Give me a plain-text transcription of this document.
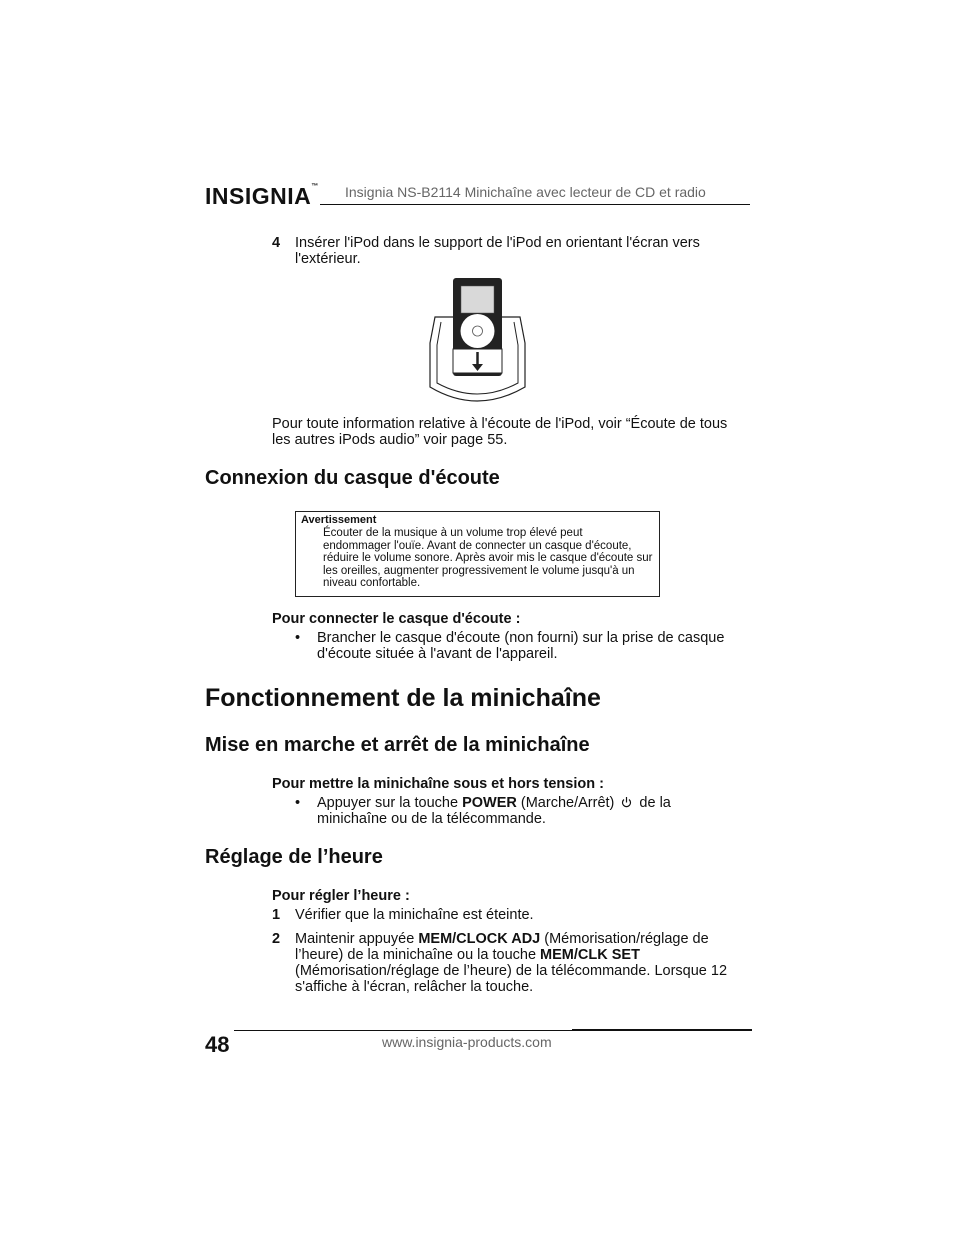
INSIGNIA™ Insignia NS-B2114 Minichaîne avec lecteur de CD et radio
4 Insérer l'iPod dans le support de l'iPod en orientant l'écran vers l'extérieur.
Pour toute information relative à l'écoute de l'iPod, voir “Écoute de tous les autres iPods audio” voir page 55.
Connexion du casque d'écoute
Avertissement
Écouter de la musique à un volume trop élevé peut endommager l'ouïe. Avant de connecter un casque d'écoute, réduire le volume sonore. Après avoir mis le casque d'écoute sur les oreilles, augmenter progressivement le volume jusqu'à un niveau confortable.
Pour connecter le casque d'écoute :
• Brancher le casque d'écoute (non fourni) sur la prise de casque d'écoute située à l'avant de l'appareil.
Fonctionnement de la minichaîne
Mise en marche et arrêt de la minichaîne
Pour mettre la minichaîne sous et hors tension :
• Appuyer sur la touche POWER (Marche/Arrêt)  de la minichaîne ou de la télécommande.
Réglage de l’heure
Pour régler l’heure :
1 Vérifier que la minichaîne est éteinte.
2 Maintenir appuyée MEM/CLOCK ADJ (Mémorisation/réglage de l’heure) de la minichaîne ou la touche MEM/CLK SET (Mémorisation/réglage de l’heure) de la télécommande. Lorsque 12 s'affiche à l'écran, relâcher la touche.
48	www.insignia-products.com
